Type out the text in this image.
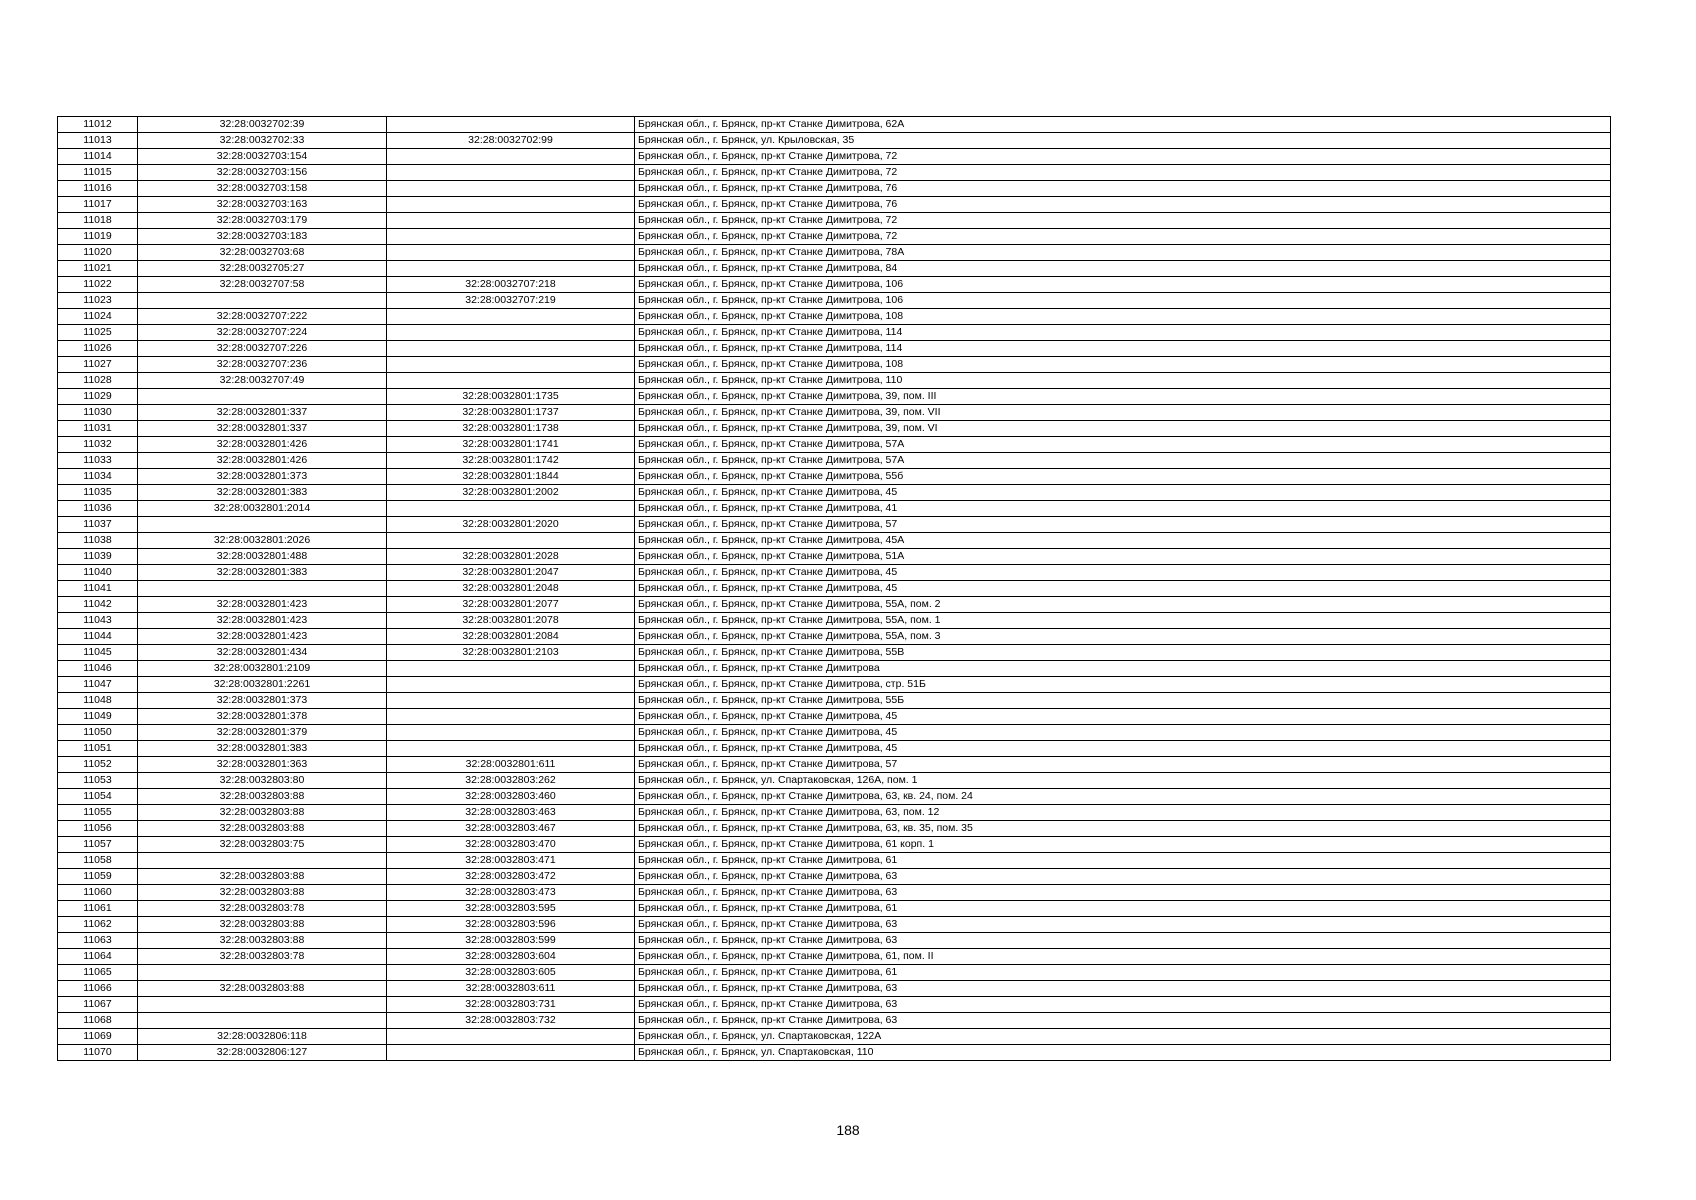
11012	32:28:0032702:39		Брянская обл., г. Брянск, пр-кт Станке Димитрова, 62А
11013	32:28:0032702:33	32:28:0032702:99	Брянская обл., г. Брянск, ул. Крыловская, 35
11014	32:28:0032703:154		Брянская обл., г. Брянск, пр-кт Станке Димитрова, 72
11015	32:28:0032703:156		Брянская обл., г. Брянск, пр-кт Станке Димитрова, 72
11016	32:28:0032703:158		Брянская обл., г. Брянск, пр-кт Станке Димитрова, 76
11017	32:28:0032703:163		Брянская обл., г. Брянск, пр-кт Станке Димитрова, 76
11018	32:28:0032703:179		Брянская обл., г. Брянск, пр-кт Станке Димитрова, 72
11019	32:28:0032703:183		Брянская обл., г. Брянск, пр-кт Станке Димитрова, 72
11020	32:28:0032703:68		Брянская обл., г. Брянск, пр-кт Станке Димитрова, 78А
11021	32:28:0032705:27		Брянская обл., г. Брянск, пр-кт Станке Димитрова, 84
11022	32:28:0032707:58	32:28:0032707:218	Брянская обл., г. Брянск, пр-кт Станке Димитрова, 106
11023		32:28:0032707:219	Брянская обл., г. Брянск, пр-кт Станке Димитрова, 106
11024	32:28:0032707:222		Брянская обл., г. Брянск, пр-кт Станке Димитрова, 108
11025	32:28:0032707:224		Брянская обл., г. Брянск, пр-кт Станке Димитрова, 114
11026	32:28:0032707:226		Брянская обл., г. Брянск, пр-кт Станке Димитрова, 114
11027	32:28:0032707:236		Брянская обл., г. Брянск, пр-кт Станке Димитрова, 108
11028	32:28:0032707:49		Брянская обл., г. Брянск, пр-кт Станке Димитрова, 110
11029		32:28:0032801:1735	Брянская обл., г. Брянск, пр-кт Станке Димитрова, 39, пом. III
11030	32:28:0032801:337	32:28:0032801:1737	Брянская обл., г. Брянск, пр-кт Станке Димитрова, 39, пом. VII
11031	32:28:0032801:337	32:28:0032801:1738	Брянская обл., г. Брянск, пр-кт Станке Димитрова, 39, пом. VI
11032	32:28:0032801:426	32:28:0032801:1741	Брянская обл., г. Брянск, пр-кт Станке Димитрова, 57А
11033	32:28:0032801:426	32:28:0032801:1742	Брянская обл., г. Брянск, пр-кт Станке Димитрова, 57А
11034	32:28:0032801:373	32:28:0032801:1844	Брянская обл., г. Брянск, пр-кт Станке Димитрова, 55б
11035	32:28:0032801:383	32:28:0032801:2002	Брянская обл., г. Брянск, пр-кт Станке Димитрова, 45
11036	32:28:0032801:2014		Брянская обл., г. Брянск, пр-кт Станке Димитрова, 41
11037		32:28:0032801:2020	Брянская обл., г. Брянск, пр-кт Станке Димитрова, 57
11038	32:28:0032801:2026		Брянская обл., г. Брянск, пр-кт Станке Димитрова, 45А
11039	32:28:0032801:488	32:28:0032801:2028	Брянская обл., г. Брянск, пр-кт Станке Димитрова, 51А
11040	32:28:0032801:383	32:28:0032801:2047	Брянская обл., г. Брянск, пр-кт Станке Димитрова, 45
11041		32:28:0032801:2048	Брянская обл., г. Брянск, пр-кт Станке Димитрова, 45
11042	32:28:0032801:423	32:28:0032801:2077	Брянская обл., г. Брянск, пр-кт Станке Димитрова, 55А, пом. 2
11043	32:28:0032801:423	32:28:0032801:2078	Брянская обл., г. Брянск, пр-кт Станке Димитрова, 55А, пом. 1
11044	32:28:0032801:423	32:28:0032801:2084	Брянская обл., г. Брянск, пр-кт Станке Димитрова, 55А, пом. 3
11045	32:28:0032801:434	32:28:0032801:2103	Брянская обл., г. Брянск, пр-кт Станке Димитрова, 55В
11046	32:28:0032801:2109		Брянская обл., г. Брянск, пр-кт Станке Димитрова
11047	32:28:0032801:2261		Брянская обл., г. Брянск, пр-кт Станке Димитрова, стр. 51Б
11048	32:28:0032801:373		Брянская обл., г. Брянск, пр-кт Станке Димитрова, 55Б
11049	32:28:0032801:378		Брянская обл., г. Брянск, пр-кт Станке Димитрова, 45
11050	32:28:0032801:379		Брянская обл., г. Брянск, пр-кт Станке Димитрова, 45
11051	32:28:0032801:383		Брянская обл., г. Брянск, пр-кт Станке Димитрова, 45
11052	32:28:0032801:363	32:28:0032801:611	Брянская обл., г. Брянск, пр-кт Станке Димитрова, 57
11053	32:28:0032803:80	32:28:0032803:262	Брянская обл., г. Брянск, ул. Спартаковская, 126А, пом. 1
11054	32:28:0032803:88	32:28:0032803:460	Брянская обл., г. Брянск, пр-кт Станке Димитрова, 63, кв. 24, пом. 24
11055	32:28:0032803:88	32:28:0032803:463	Брянская обл., г. Брянск, пр-кт Станке Димитрова, 63, пом. 12
11056	32:28:0032803:88	32:28:0032803:467	Брянская обл., г. Брянск, пр-кт Станке Димитрова, 63, кв. 35, пом. 35
11057	32:28:0032803:75	32:28:0032803:470	Брянская обл., г. Брянск, пр-кт Станке Димитрова, 61 корп. 1
11058		32:28:0032803:471	Брянская обл., г. Брянск, пр-кт Станке Димитрова, 61
11059	32:28:0032803:88	32:28:0032803:472	Брянская обл., г. Брянск, пр-кт Станке Димитрова, 63
11060	32:28:0032803:88	32:28:0032803:473	Брянская обл., г. Брянск, пр-кт Станке Димитрова, 63
11061	32:28:0032803:78	32:28:0032803:595	Брянская обл., г. Брянск, пр-кт Станке Димитрова, 61
11062	32:28:0032803:88	32:28:0032803:596	Брянская обл., г. Брянск, пр-кт Станке Димитрова, 63
11063	32:28:0032803:88	32:28:0032803:599	Брянская обл., г. Брянск, пр-кт Станке Димитрова, 63
11064	32:28:0032803:78	32:28:0032803:604	Брянская обл., г. Брянск, пр-кт Станке Димитрова, 61, пом. II
11065		32:28:0032803:605	Брянская обл., г. Брянск, пр-кт Станке Димитрова, 61
11066	32:28:0032803:88	32:28:0032803:611	Брянская обл., г. Брянск, пр-кт Станке Димитрова, 63
11067		32:28:0032803:731	Брянская обл., г. Брянск, пр-кт Станке Димитрова, 63
11068		32:28:0032803:732	Брянская обл., г. Брянск, пр-кт Станке Димитрова, 63
11069	32:28:0032806:118		Брянская обл., г. Брянск, ул. Спартаковская, 122А
11070	32:28:0032806:127		Брянская обл., г. Брянск, ул. Спартаковская, 110
188
